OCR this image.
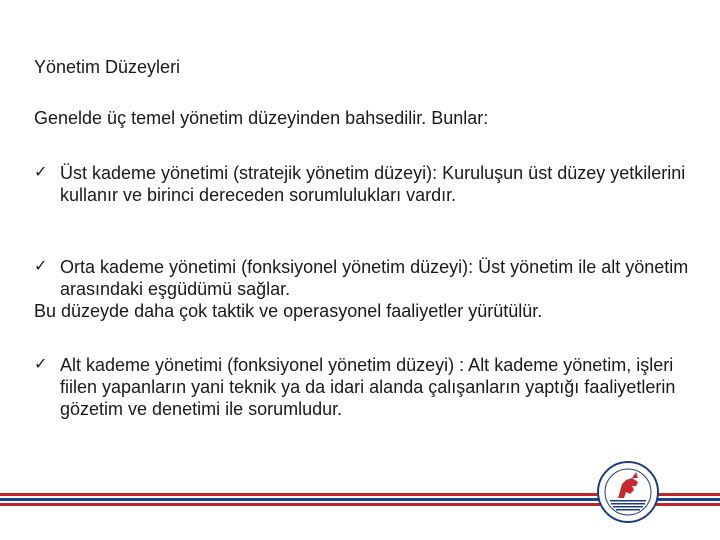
Yönetim Düzeyleri
Genelde üç temel yönetim düzeyinden bahsedilir. Bunlar:
✓ Üst kademe yönetimi (stratejik yönetim düzeyi): Kuruluşun üst düzey yetkilerini kullanır ve birinci dereceden sorumlulukları vardır.
✓ Orta kademe yönetimi (fonksiyonel yönetim düzeyi): Üst yönetim ile alt yönetim arasındaki eşgüdümü sağlar.
Bu düzeyde daha çok taktik ve operasyonel faaliyetler yürütülür.
✓ Alt kademe yönetimi (fonksiyonel yönetim düzeyi) : Alt kademe yönetim, işleri fiilen yapanların yani teknik ya da idari alanda çalışanların yaptığı faaliyetlerin gözetim ve denetimi ile sorumludur.
